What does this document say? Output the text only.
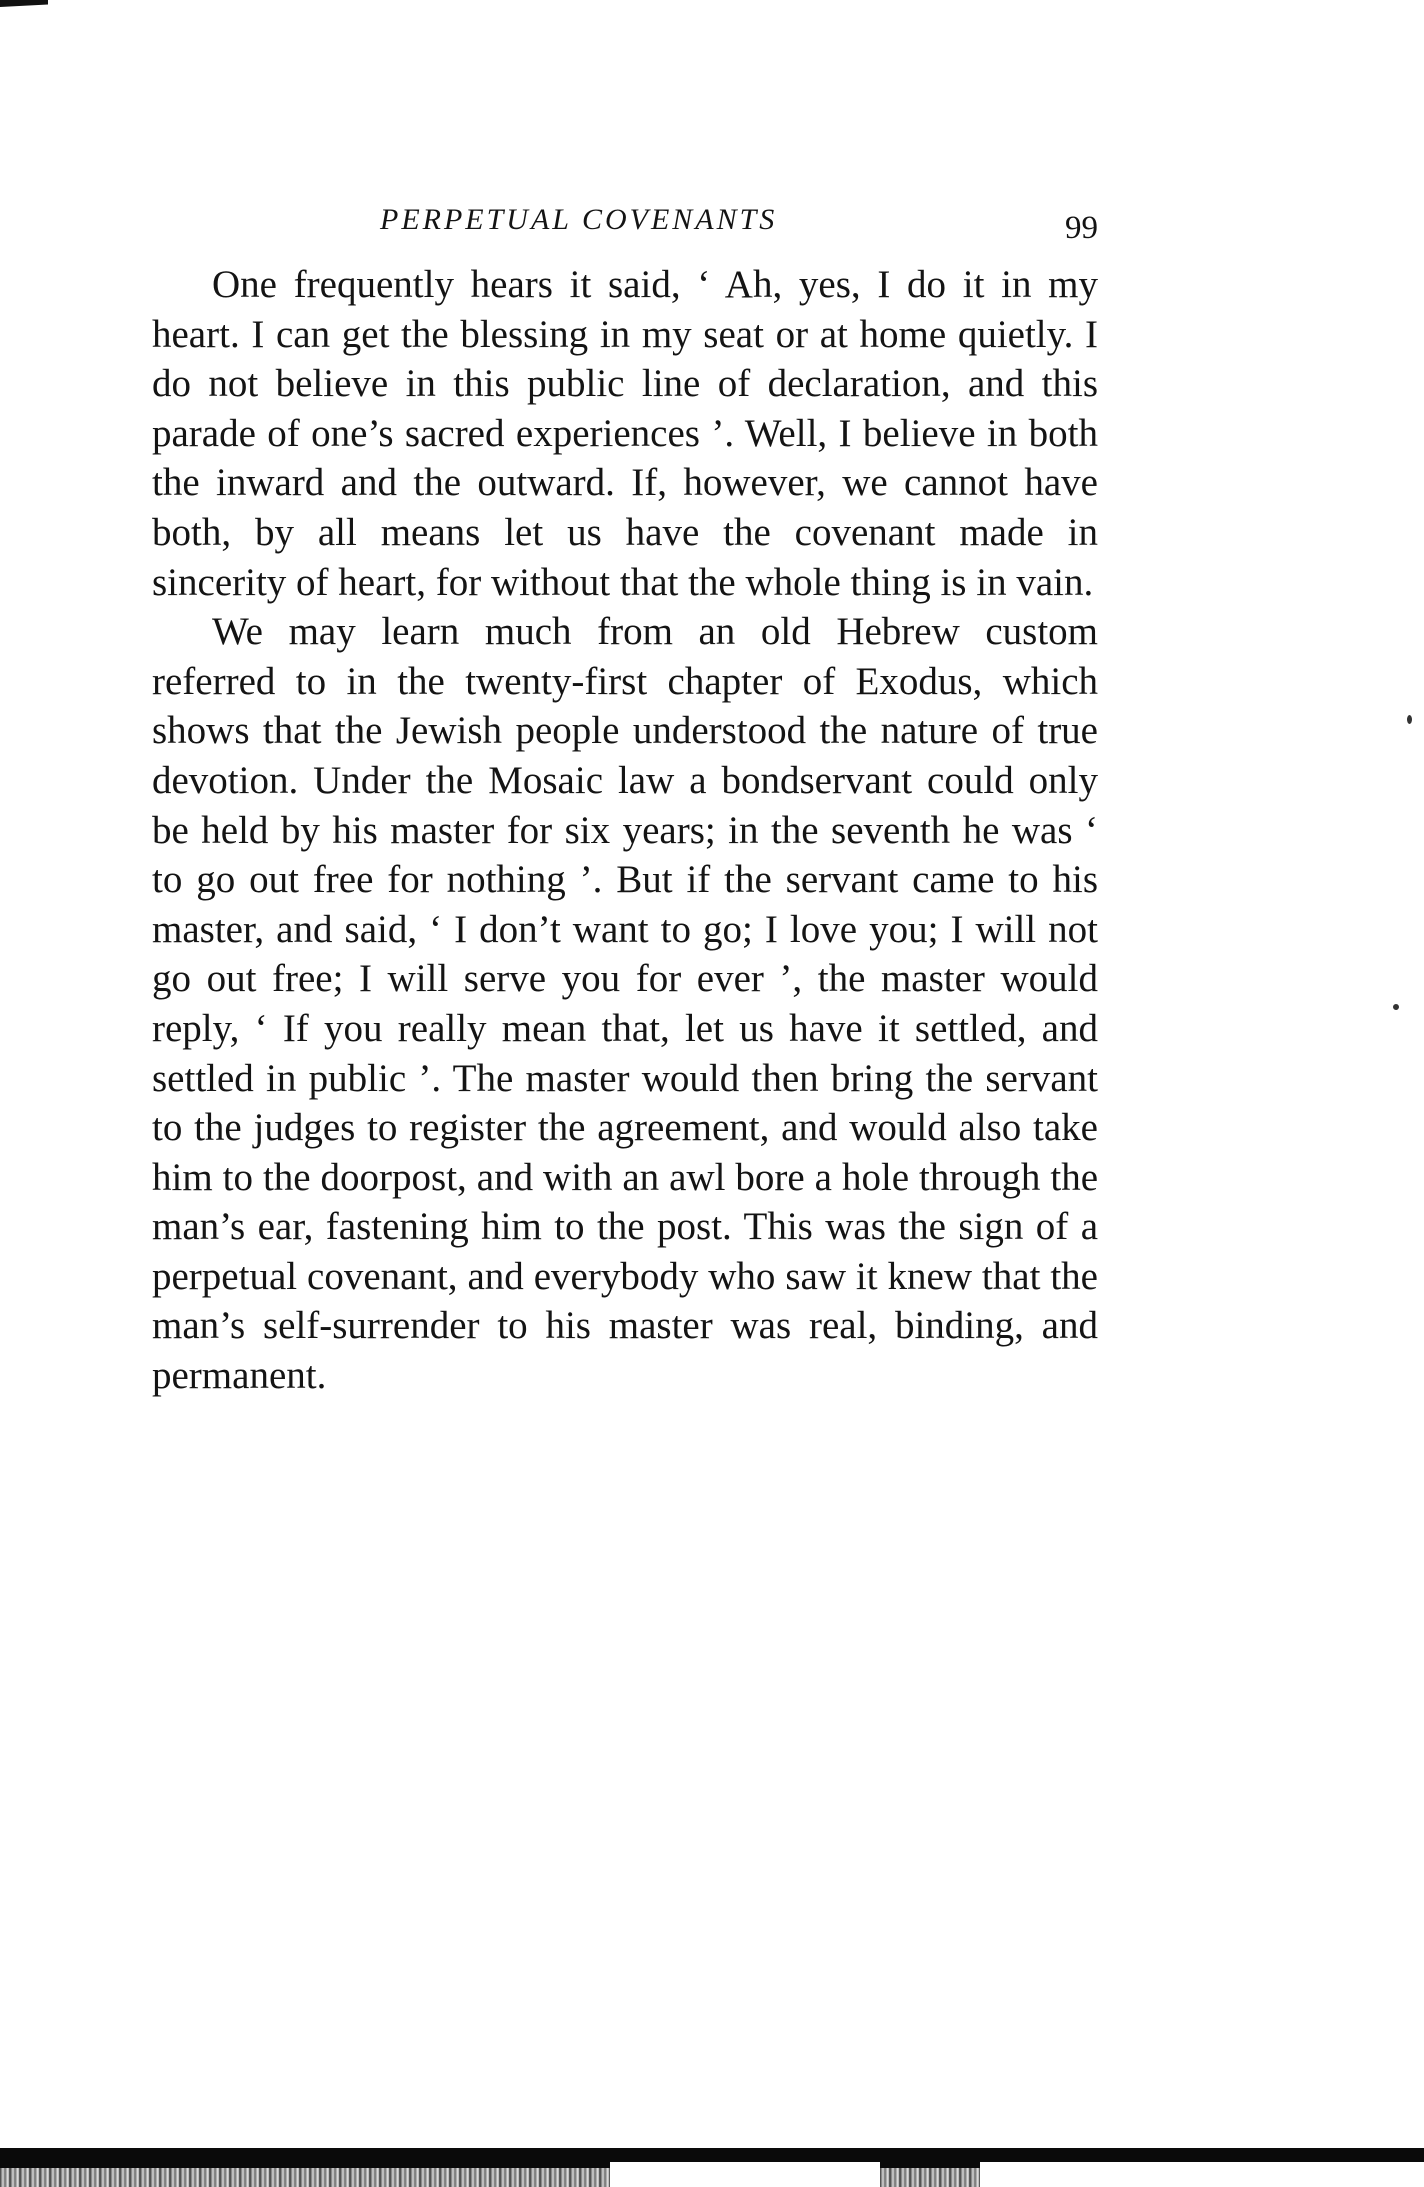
PERPETUAL COVENANTS	99

One frequently hears it said, ‘ Ah, yes, I do it in my heart. I can get the blessing in my seat or at home quietly. I do not believe in this public line of declaration, and this parade of one’s sacred experiences ’. Well, I believe in both the inward and the outward. If, however, we cannot have both, by all means let us have the covenant made in sincerity of heart, for without that the whole thing is in vain.

We may learn much from an old Hebrew custom referred to in the twenty-first chapter of Exodus, which shows that the Jewish people understood the nature of true devotion. Under the Mosaic law a bondservant could only be held by his master for six years; in the seventh he was ‘ to go out free for nothing ’. But if the servant came to his master, and said, ‘ I don’t want to go; I love you; I will not go out free; I will serve you for ever ’, the master would reply, ‘ If you really mean that, let us have it settled, and settled in public ’. The master would then bring the servant to the judges to register the agreement, and would also take him to the doorpost, and with an awl bore a hole through the man’s ear, fastening him to the post. This was the sign of a perpetual covenant, and everybody who saw it knew that the man’s self-surrender to his master was real, binding, and permanent.
